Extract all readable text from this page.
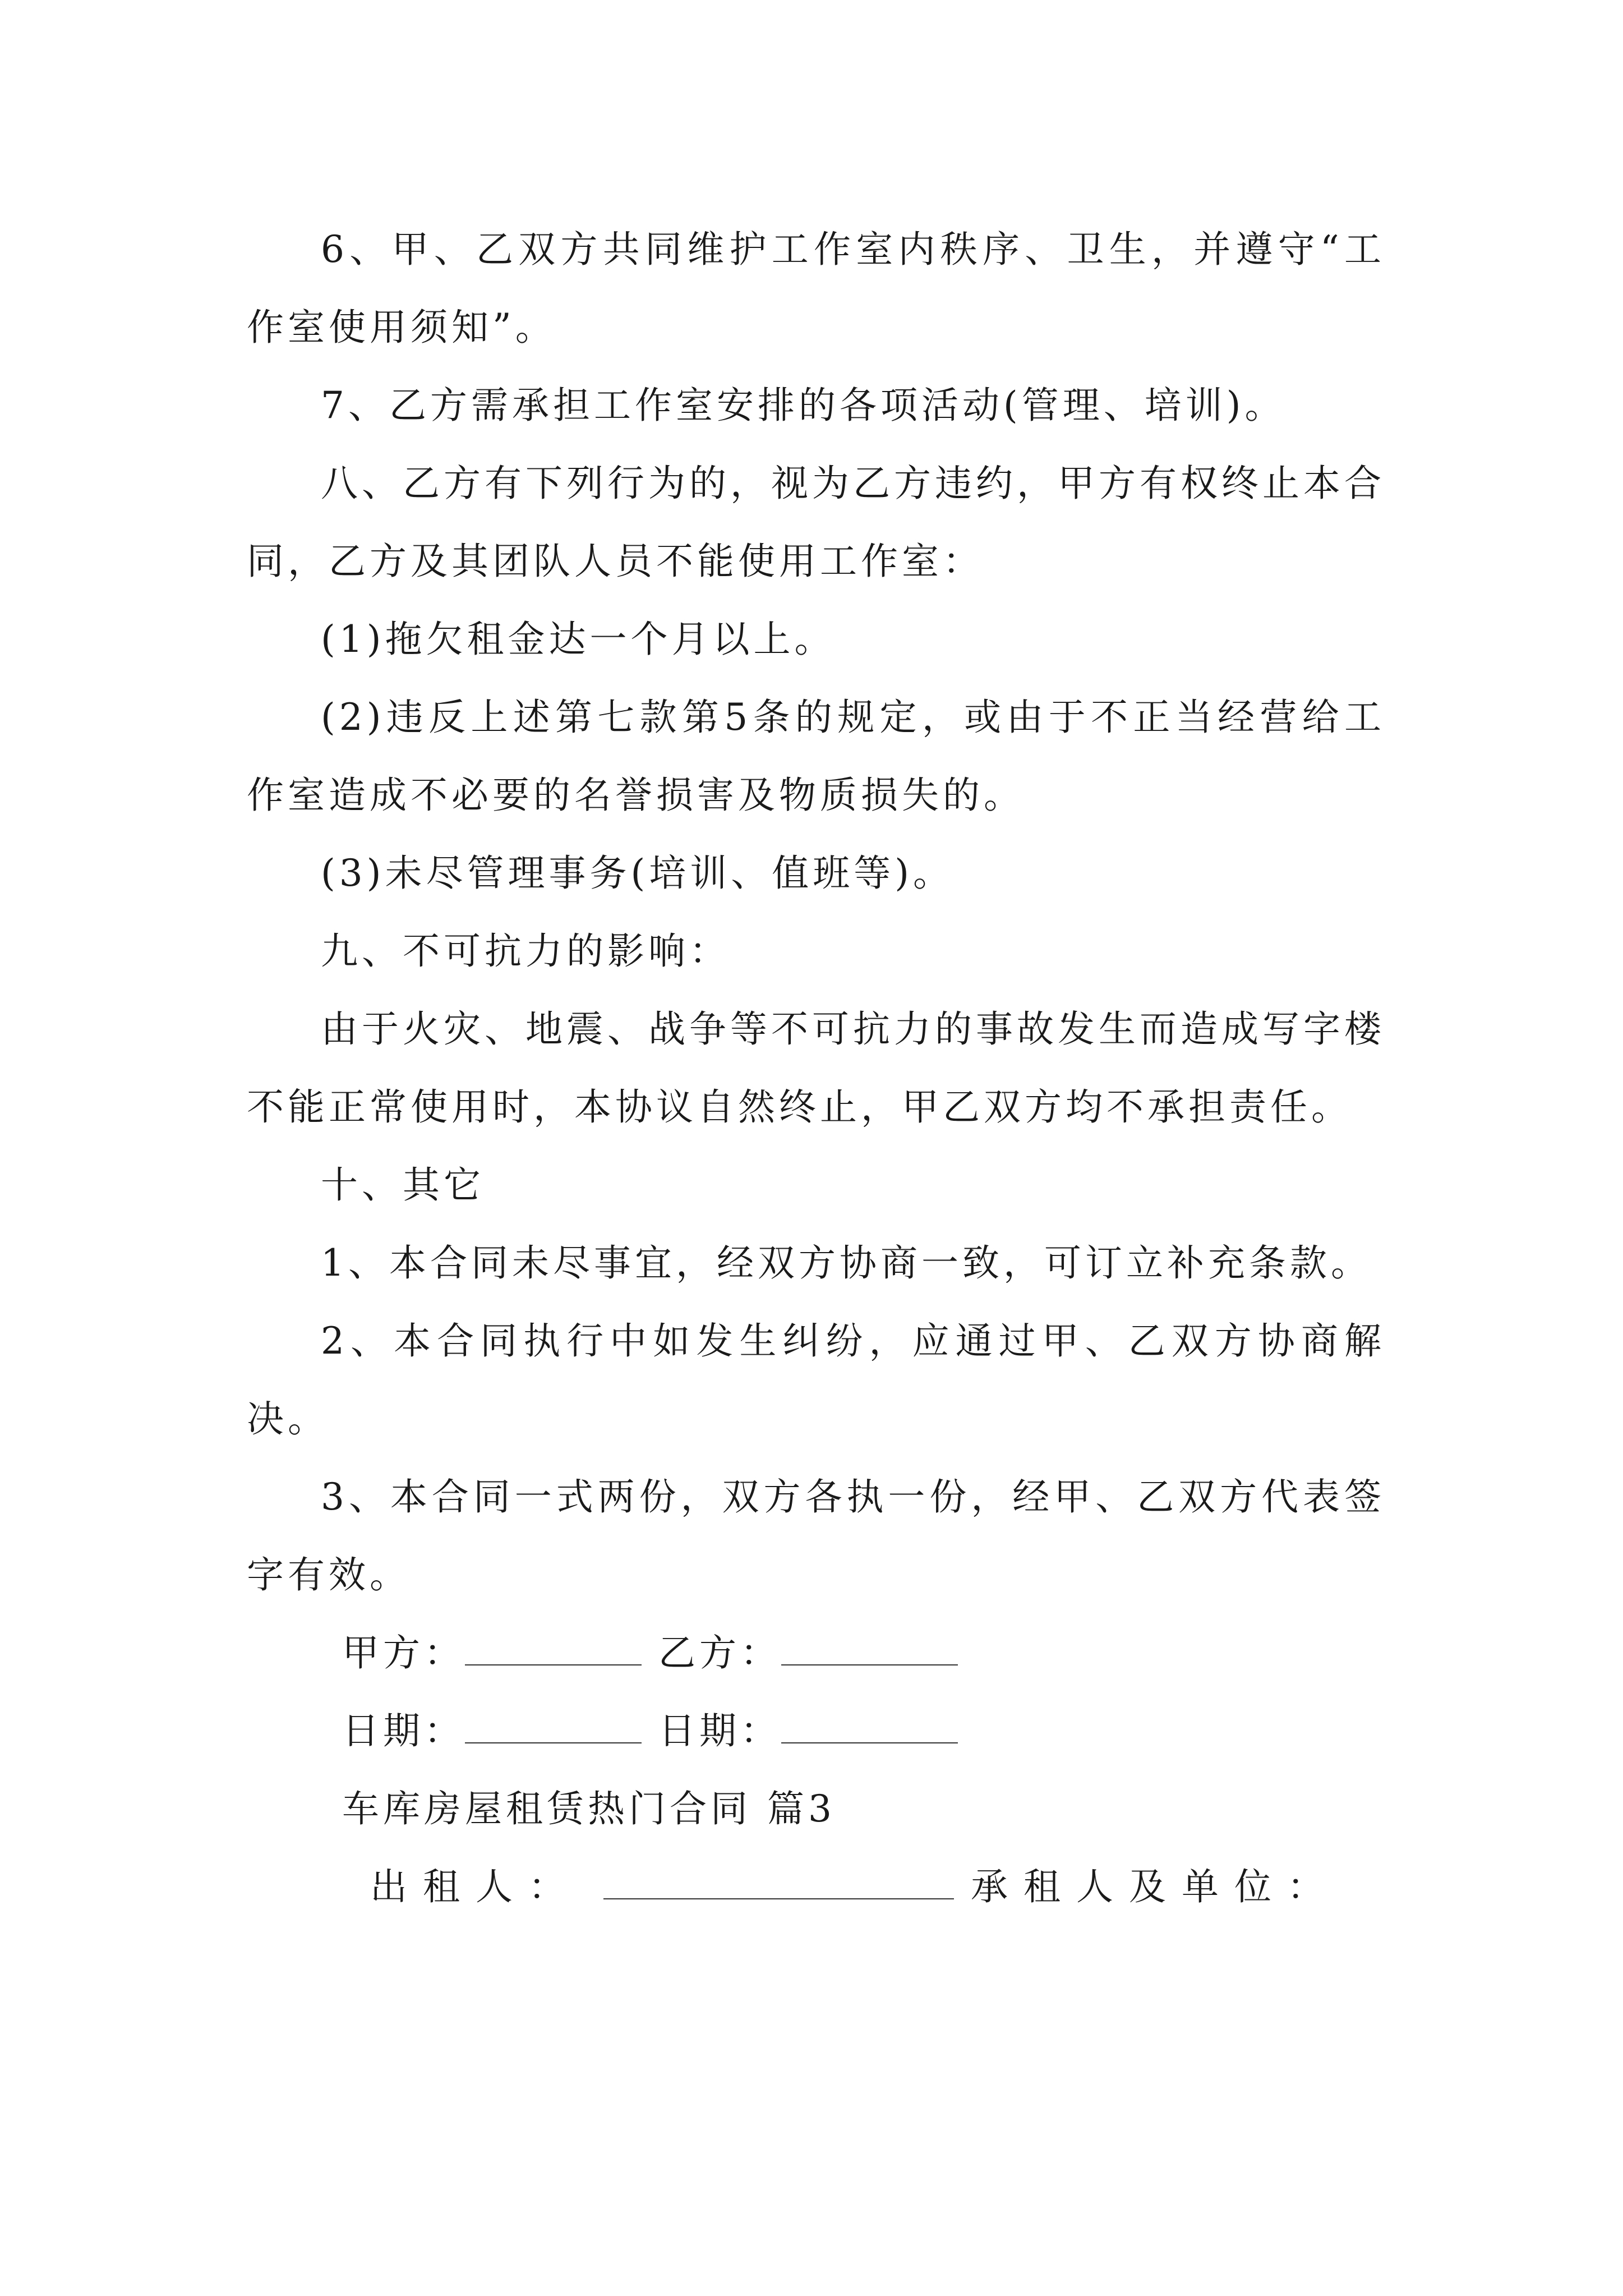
6、甲、乙双方共同维护工作室内秩序、卫生，并遵守“工作室使用须知”。

7、乙方需承担工作室安排的各项活动(管理、培训)。

八、乙方有下列行为的，视为乙方违约，甲方有权终止本合同，乙方及其团队人员不能使用工作室：

(1)拖欠租金达一个月以上。

(2)违反上述第七款第5条的规定，或由于不正当经营给工作室造成不必要的名誉损害及物质损失的。

(3)未尽管理事务(培训、值班等)。

九、不可抗力的影响：

由于火灾、地震、战争等不可抗力的事故发生而造成写字楼不能正常使用时，本协议自然终止，甲乙双方均不承担责任。

十、其它

1、本合同未尽事宜，经双方协商一致，可订立补充条款。

2、本合同执行中如发生纠纷，应通过甲、乙双方协商解决。

3、本合同一式两份，双方各执一份，经甲、乙双方代表签字有效。

甲方：	乙方：
日期：	日期：
车库房屋租赁热门合同 篇3
出租人：	承租人及单位：
